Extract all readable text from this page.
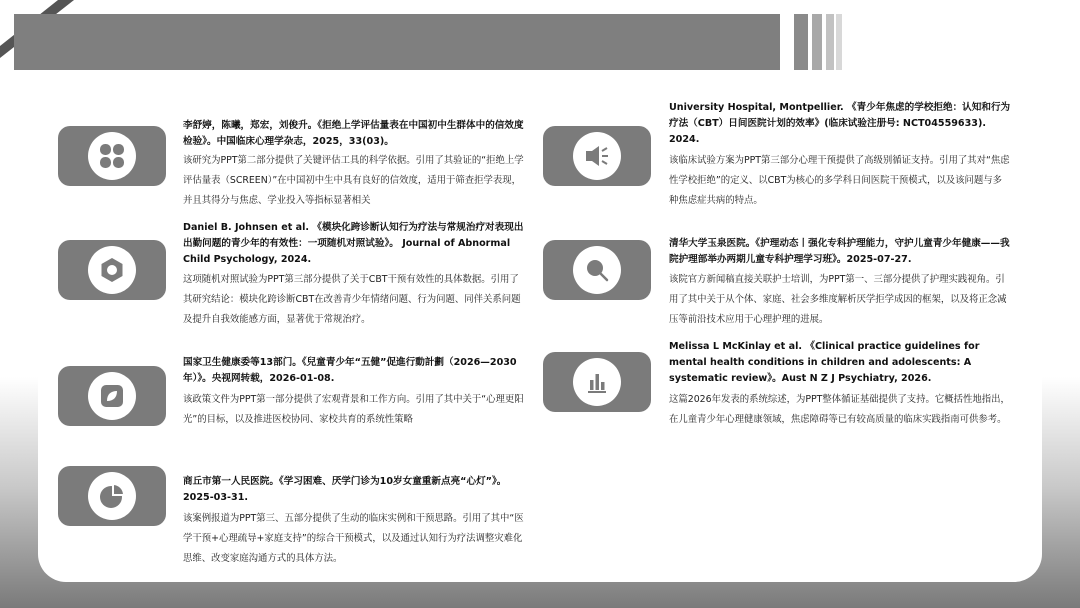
李舒婷，陈曦，郑宏，刘俊升。《拒绝上学评估量表在中国初中生群体中的信效度检验》。中国临床心理学杂志，2025，33(03)。
该研究为PPT第二部分提供了关键评估工具的科学依据。引用了其验证的“拒绝上学评估量表（SCREEN）”在中国初中生中具有良好的信效度，适用于筛查拒学表现，并且其得分与焦虑、学业投入等指标显著相关
Daniel B. Johnsen et al. 《模块化跨诊断认知行为疗法与常规治疗对表现出出勤问题的青少年的有效性：一项随机对照试验》。 Journal of Abnormal Child Psychology, 2024.
这项随机对照试验为PPT第三部分提供了关于CBT干预有效性的具体数据。引用了其研究结论：模块化跨诊断CBT在改善青少年情绪问题、行为问题、同伴关系问题及提升自我效能感方面，显著优于常规治疗。
国家卫生健康委等13部门。《兒童青少年“五健”促進行動計劃（2026—2030年）》。央视网转载，2026-01-08.
该政策文件为PPT第一部分提供了宏观背景和工作方向。引用了其中关于“心理更阳光”的目标，以及推进医校协同、家校共育的系统性策略
商丘市第一人民医院。《学习困难、厌学门诊为10岁女童重新点亮“心灯”》。2025-03-31.
该案例报道为PPT第三、五部分提供了生动的临床实例和干预思路。引用了其中“医学干预+心理疏导+家庭支持”的综合干预模式，以及通过认知行为疗法调整灾难化思维、改变家庭沟通方式的具体方法。
University Hospital, Montpellier. 《青少年焦虑的学校拒绝：认知和行为疗法（CBT）日间医院计划的效率》(临床试验注册号: NCT04559633). 2024.
该临床试验方案为PPT第三部分心理干预提供了高级别循证支持。引用了其对“焦虑性学校拒绝”的定义、以CBT为核心的多学科日间医院干预模式，以及该问题与多种焦虑症共病的特点。
清华大学玉泉医院。《护理动态丨强化专科护理能力，守护儿童青少年健康——我院护理部举办两期儿童专科护理学习班》。2025-07-27.
该院官方新闻稿直接关联护士培训，为PPT第一、三部分提供了护理实践视角。引用了其中关于从个体、家庭、社会多维度解析厌学拒学成因的框架，以及将正念减压等前沿技术应用于心理护理的进展。
Melissa L McKinlay et al. 《Clinical practice guidelines for mental health conditions in children and adolescents: A systematic review》。Aust N Z J Psychiatry, 2026.
这篇2026年发表的系统综述，为PPT整体循证基础提供了支持。它概括性地指出，在儿童青少年心理健康领域，焦虑障碍等已有较高质量的临床实践指南可供参考。
